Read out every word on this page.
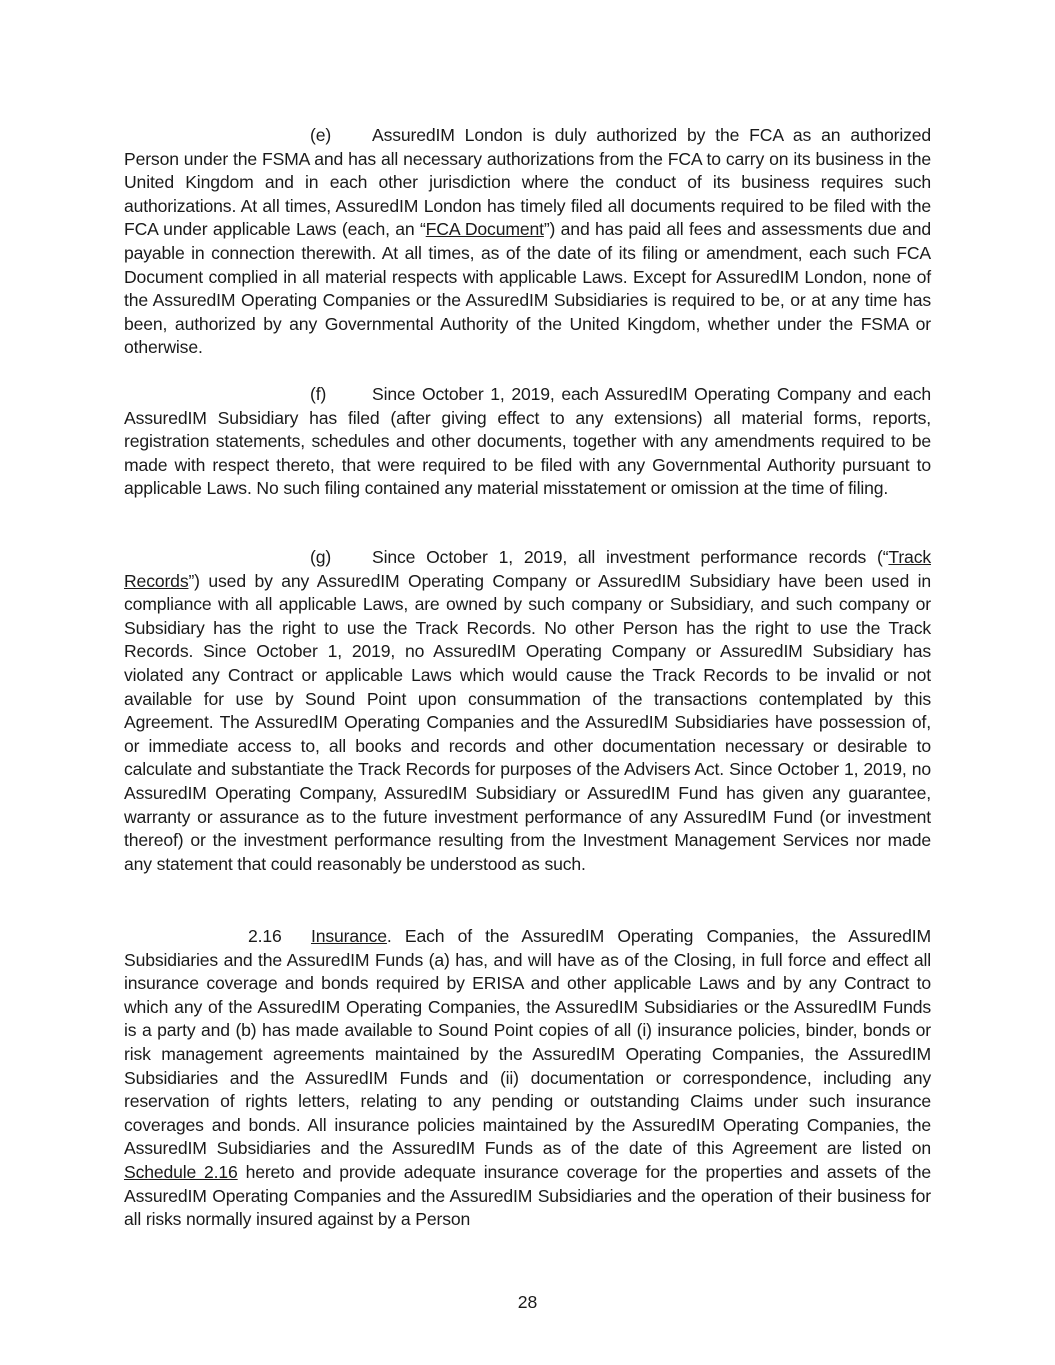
(e) AssuredIM London is duly authorized by the FCA as an authorized Person under the FSMA and has all necessary authorizations from the FCA to carry on its business in the United Kingdom and in each other jurisdiction where the conduct of its business requires such authorizations. At all times, AssuredIM London has timely filed all documents required to be filed with the FCA under applicable Laws (each, an “FCA Document”) and has paid all fees and assessments due and payable in connection therewith. At all times, as of the date of its filing or amendment, each such FCA Document complied in all material respects with applicable Laws. Except for AssuredIM London, none of the AssuredIM Operating Companies or the AssuredIM Subsidiaries is required to be, or at any time has been, authorized by any Governmental Authority of the United Kingdom, whether under the FSMA or otherwise.
(f)	Since October 1, 2019, each AssuredIM Operating Company and each AssuredIM Subsidiary has filed (after giving effect to any extensions) all material forms, reports, registration statements, schedules and other documents, together with any amendments required to be made with respect thereto, that were required to be filed with any Governmental Authority pursuant to applicable Laws. No such filing contained any material misstatement or omission at the time of filing.
(g) Since October 1, 2019, all investment performance records (“Track Records”) used by any AssuredIM Operating Company or AssuredIM Subsidiary have been used in compliance with all applicable Laws, are owned by such company or Subsidiary, and such company or Subsidiary has the right to use the Track Records. No other Person has the right to use the Track Records. Since October 1, 2019, no AssuredIM Operating Company or AssuredIM Subsidiary has violated any Contract or applicable Laws which would cause the Track Records to be invalid or not available for use by Sound Point upon consummation of the transactions contemplated by this Agreement. The AssuredIM Operating Companies and the AssuredIM Subsidiaries have possession of, or immediate access to, all books and records and other documentation necessary or desirable to calculate and substantiate the Track Records for purposes of the Advisers Act. Since October 1, 2019, no AssuredIM Operating Company, AssuredIM Subsidiary or AssuredIM Fund has given any guarantee, warranty or assurance as to the future investment performance of any AssuredIM Fund (or investment thereof) or the investment performance resulting from the Investment Management Services nor made any statement that could reasonably be understood as such.
2.16 Insurance. Each of the AssuredIM Operating Companies, the AssuredIM Subsidiaries and the AssuredIM Funds (a) has, and will have as of the Closing, in full force and effect all insurance coverage and bonds required by ERISA and other applicable Laws and by any Contract to which any of the AssuredIM Operating Companies, the AssuredIM Subsidiaries or the AssuredIM Funds is a party and (b) has made available to Sound Point copies of all (i) insurance policies, binder, bonds or risk management agreements maintained by the AssuredIM Operating Companies, the AssuredIM Subsidiaries and the AssuredIM Funds and (ii) documentation or correspondence, including any reservation of rights letters, relating to any pending or outstanding Claims under such insurance coverages and bonds. All insurance policies maintained by the AssuredIM Operating Companies, the AssuredIM Subsidiaries and the AssuredIM Funds as of the date of this Agreement are listed on Schedule 2.16 hereto and provide adequate insurance coverage for the properties and assets of the AssuredIM Operating Companies and the AssuredIM Subsidiaries and the operation of their business for all risks normally insured against by a Person
28
